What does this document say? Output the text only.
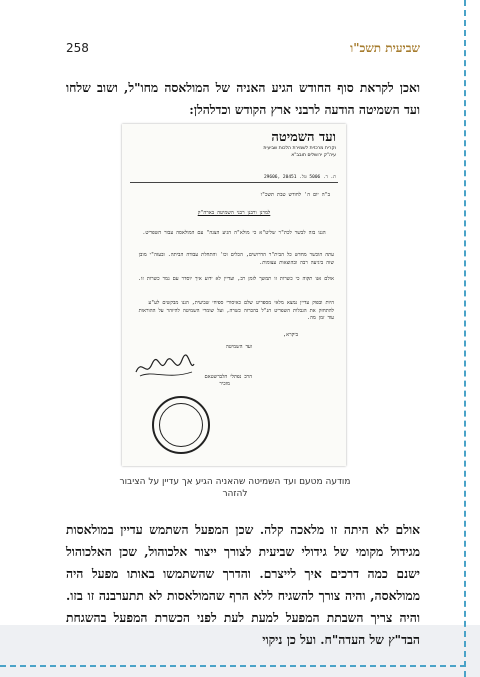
258	שביעית תשכ"ו
ואכן לקראת סוף החודש הגיע האניה של המולאסה מחו"ל, ושוב שלחו ועד השמיטה הודעה לרבני ארץ הקודש וכדלהלן:
ועד השמיטה
וקרית מרכזית לשמירת הלכות שביעית
עיה"ק ירושלים תובב"א
ת. ד. 5006 טל. 20451 ,29606
ב"ה יום ה' לחודש טבת תשכ"ו
למרנן ורבנן רבני השמיטה בארה"ק
הננו בזה לבשר לכת"ר שליט"א כי מולא"ה הגיע הצגה" עם המולאסה עבור השפריט.
עתה הוכשר מחדש כל הבית"ר הדרושים, הכלים וכו' והתחלת עבודה הביתה. ובעזה"י מובן שזה ביגיעה רבה ובהוצאות עצומות.
אולם אנו תקוה כי כשרות זו תמשך לזמן רב, ועדיין לא ידוע איך יוסדר עם גמר כשרות זו.
היות ובפוק עדיין נמצא מלאי מספריט שלם כאיסורי ספיחי שביעית, הננו מבקשים לע"ע להתחזק את הגבלות השפריט הנ"ל בהכרזה כשרה, ועל שומרי השמיטה להיזהר על ההוראות עוד זמן מה.
ביקרא,
ועד השמיטה
הרב נפתלי הלברשטאם
מזכיר
מודעה מטעם ועד השמיטה שהאניה הגיע אך עדיין על הציבור להזהר
אולם לא היתה זו מלאכה קלה. שכן המפעל השתמש עדיין במולאסות מגידול מקומי של גידולי שביעית לצורך ייצור אלכוהול, שכן האלכוהול ישנם כמה דרכים איך לייצרם. והדרך שהשתמשו באותו מפעל היה ממולאסה, והיה צורך להשגיח ללא הרף שהמולאסות לא תתערבנה זו בזו. והיה צריך השבתת המפעל למעת לעת לפני הכשרת המפעל בהשגחת הבד"ץ של העדה"ח. ועל כן ניקוי
